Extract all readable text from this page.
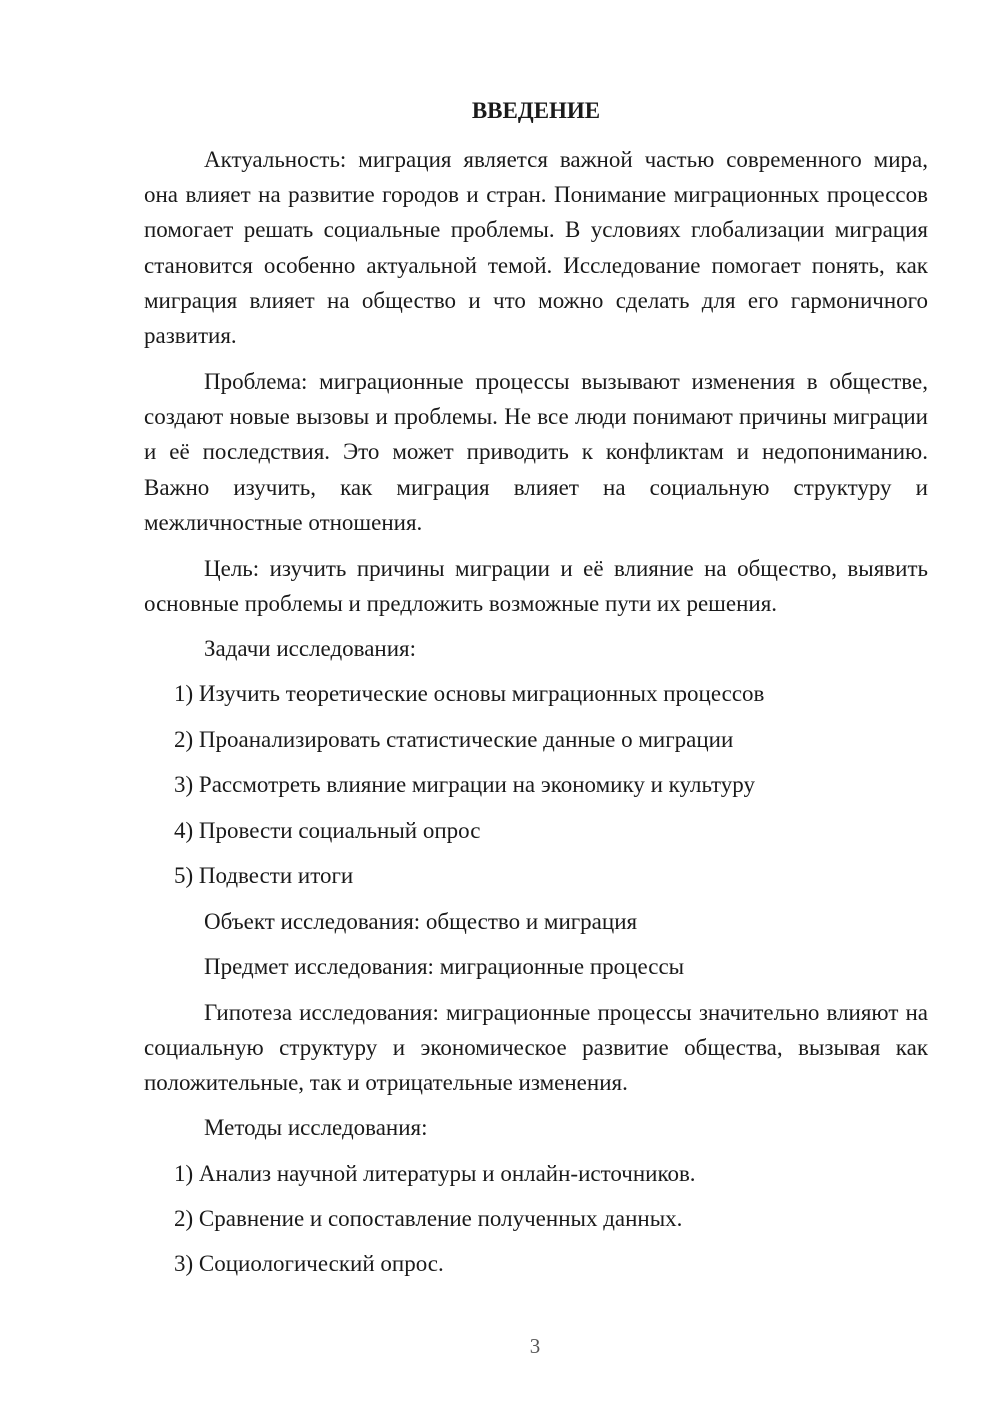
ВВЕДЕНИЕ

Актуальность: миграция является важной частью современного мира, она влияет на развитие городов и стран. Понимание миграционных процессов помогает решать социальные проблемы. В условиях глобализации миграция становится особенно актуальной темой. Исследование помогает понять, как миграция влияет на общество и что можно сделать для его гармоничного развития.

Проблема: миграционные процессы вызывают изменения в обществе, создают новые вызовы и проблемы. Не все люди понимают причины миграции и её последствия. Это может приводить к конфликтам и недопониманию. Важно изучить, как миграция влияет на социальную структуру и межличностные отношения.

Цель: изучить причины миграции и её влияние на общество, выявить основные проблемы и предложить возможные пути их решения.

Задачи исследования:

1) Изучить теоретические основы миграционных процессов

2) Проанализировать статистические данные о миграции

3) Рассмотреть влияние миграции на экономику и культуру

4) Провести социальный опрос

5) Подвести итоги

Объект исследования: общество и миграция

Предмет исследования: миграционные процессы

Гипотеза исследования: миграционные процессы значительно влияют на социальную структуру и экономическое развитие общества, вызывая как положительные, так и отрицательные изменения.

Методы исследования:

1) Анализ научной литературы и онлайн-источников.

2) Сравнение и сопоставление полученных данных.

3) Социологический опрос.

3
